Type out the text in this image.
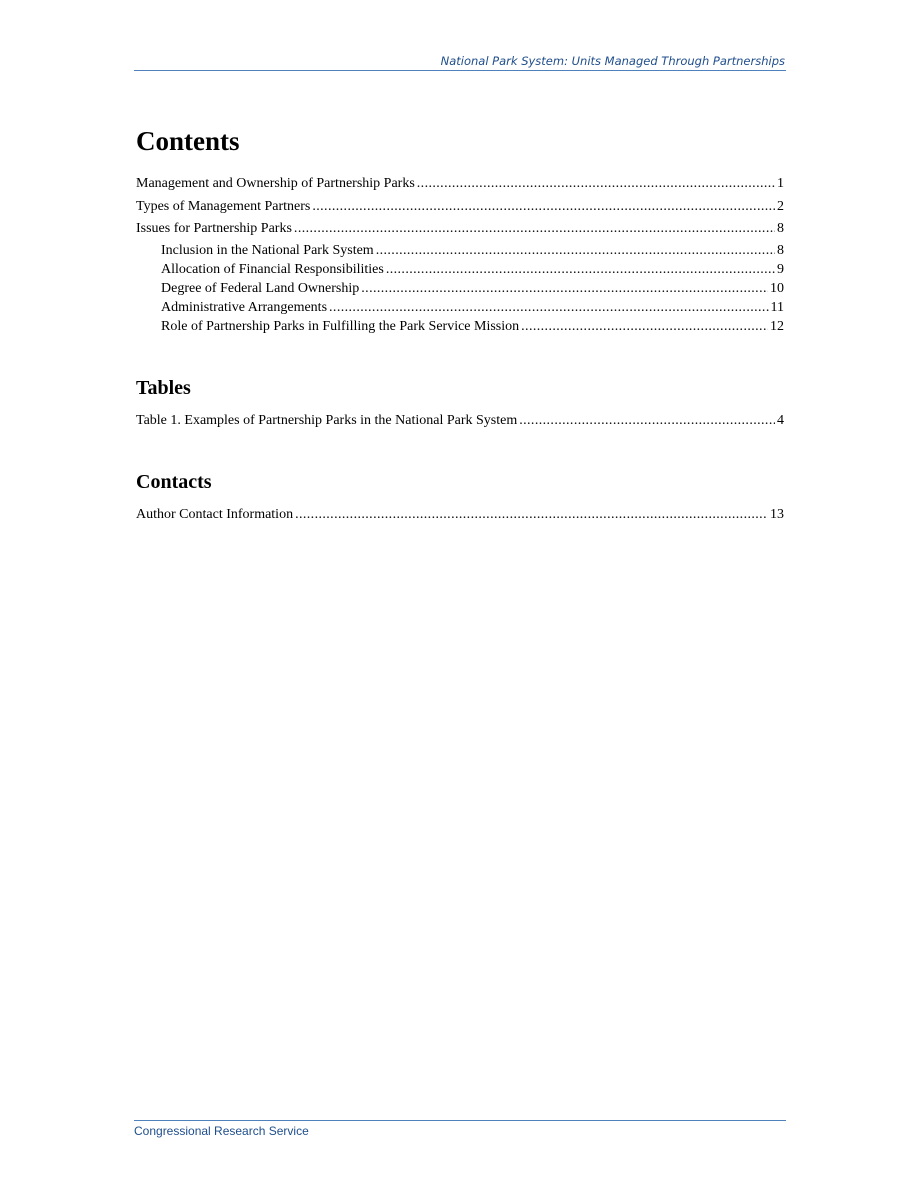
National Park System: Units Managed Through Partnerships
Contents
Management and Ownership of Partnership Parks . . .	1
Types of Management Partners . . .	2
Issues for Partnership Parks . . .	8
Inclusion in the National Park System . . .	8
Allocation of Financial Responsibilities . . .	9
Degree of Federal Land Ownership . . .	10
Administrative Arrangements . . .	11
Role of Partnership Parks in Fulfilling the Park Service Mission . . .	12
Tables
Table 1. Examples of Partnership Parks in the National Park System . . .	4
Contacts
Author Contact Information . . .	13
Congressional Research Service
